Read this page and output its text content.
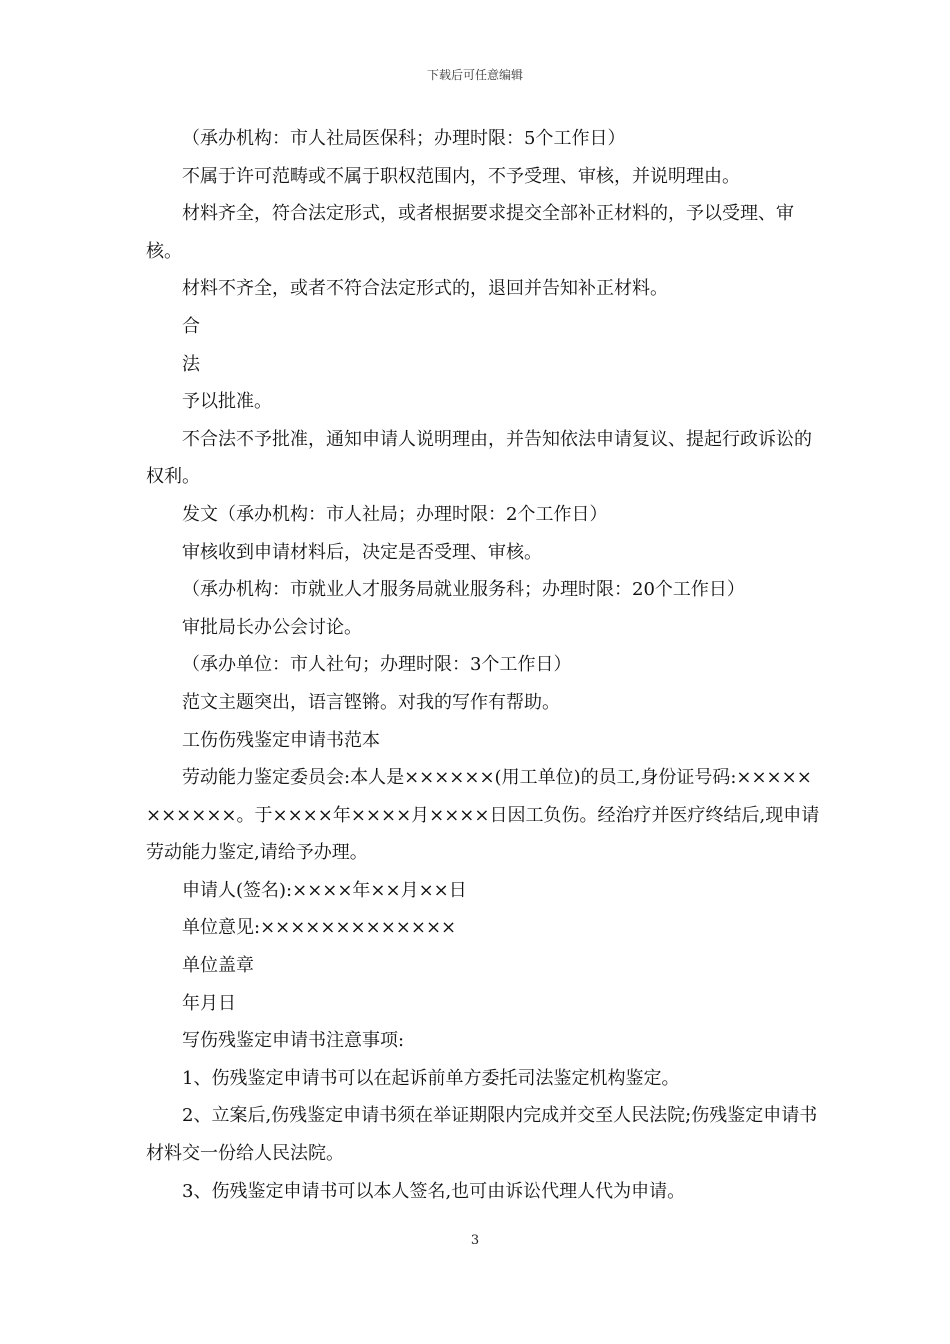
下载后可任意编辑

（承办机构：市人社局医保科；办理时限：5个工作日）

不属于许可范畴或不属于职权范围内，不予受理、审核，并说明理由。

材料齐全，符合法定形式，或者根据要求提交全部补正材料的，予以受理、审核。

材料不齐全，或者不符合法定形式的，退回并告知补正材料。

合

法

予以批准。

不合法不予批准，通知申请人说明理由，并告知依法申请复议、提起行政诉讼的权利。

发文（承办机构：市人社局；办理时限：2个工作日）

审核收到申请材料后，决定是否受理、审核。

（承办机构：市就业人才服务局就业服务科；办理时限：20个工作日）

审批局长办公会讨论。

（承办单位：市人社句；办理时限：3个工作日）

范文主题突出，语言铿锵。对我的写作有帮助。

工伤伤残鉴定申请书范本

劳动能力鉴定委员会:本人是××××××(用工单位)的员工,身份证号码:×××××××××××。于××××年××××月××××日因工负伤。经治疗并医疗终结后,现申请劳动能力鉴定,请给予办理。

申请人(签名):××××年××月××日

单位意见:×××××××××××××

单位盖章

年月日

写伤残鉴定申请书注意事项:

1、伤残鉴定申请书可以在起诉前单方委托司法鉴定机构鉴定。

2、立案后,伤残鉴定申请书须在举证期限内完成并交至人民法院;伤残鉴定申请书材料交一份给人民法院。

3、伤残鉴定申请书可以本人签名,也可由诉讼代理人代为申请。

3
